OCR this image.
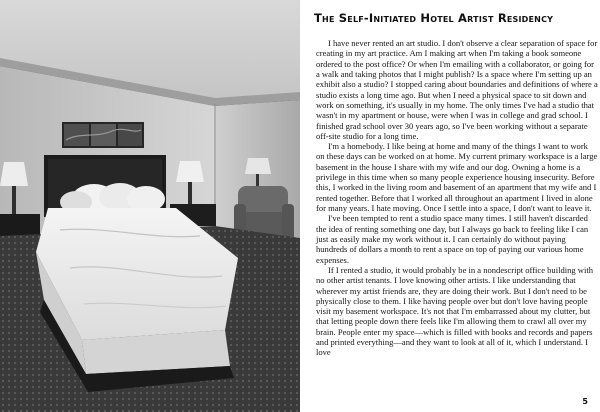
The Self-Initiated Hotel Artist Residency

I have never rented an art studio. I don't observe a clear separation of space for creating in my art practice. Am I making art when I'm taking a book someone ordered to the post office? Or when I'm emailing with a collaborator, or going for a walk and taking photos that I might publish? Is a space where I'm setting up an exhibit also a studio? I stopped caring about boundaries and definitions of where a studio exists a long time ago. But when I need a physical space to sit down and work on something, it's usually in my home. The only times I've had a studio that wasn't in my apartment or house, were when I was in college and grad school. I finished grad school over 30 years ago, so I've been working without a separate off-site studio for a long time.

I'm a homebody. I like being at home and many of the things I want to work on these days can be worked on at home. My current primary workspace is a large basement in the house I share with my wife and our dog. Owning a home is a privilege in this time when so many people experience housing insecurity. Before this, I worked in the living room and basement of an apartment that my wife and I rented together. Before that I worked all throughout an apartment I lived in alone for many years. I hate moving. Once I settle into a space, I don't want to leave it.

I've been tempted to rent a studio space many times. I still haven't discarded the idea of renting something one day, but I always go back to feeling like I can just as easily make my work without it. I can certainly do without paying hundreds of dollars a month to rent a space on top of paying our various home expenses.

If I rented a studio, it would probably be in a nondescript office building with no other artist tenants. I love knowing other artists. I like understanding that wherever my artist friends are, they are doing their work. But I don't need to be physically close to them. I like having people over but don't love having people visit my basement workspace. It's not that I'm embarrassed about my clutter, but that letting people down there feels like I'm allowing them to crawl all over my brain. People enter my space—which is filled with books and records and papers and printed everything—and they want to look at all of it, which I understand. I love

5
